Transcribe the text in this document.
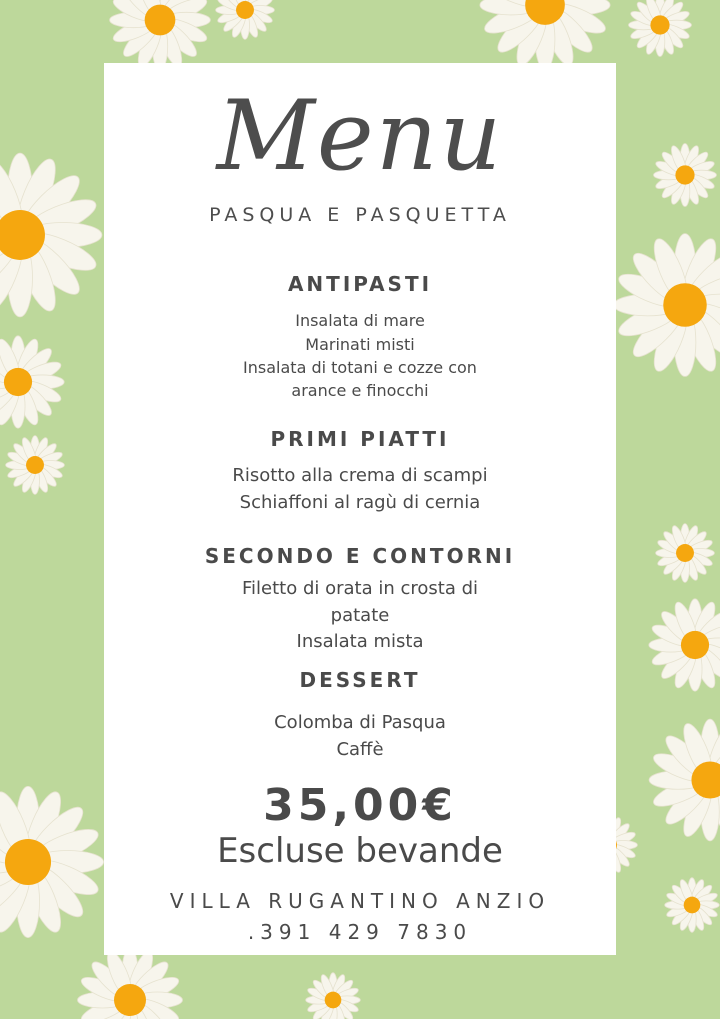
Menu

PASQUA E PASQUETTA

ANTIPASTI

Insalata di mare

Marinati misti

Insalata di totani e cozze con

arance e finocchi

PRIMI PIATTI

Risotto alla crema di scampi

Schiaffoni al ragù di cernia

SECONDO E CONTORNI

Filetto di orata in crosta di

patate

Insalata mista

DESSERT

Colomba di Pasqua

Caffè

35,00€

Escluse bevande

VILLA RUGANTINO ANZIO

.391 429 7830
